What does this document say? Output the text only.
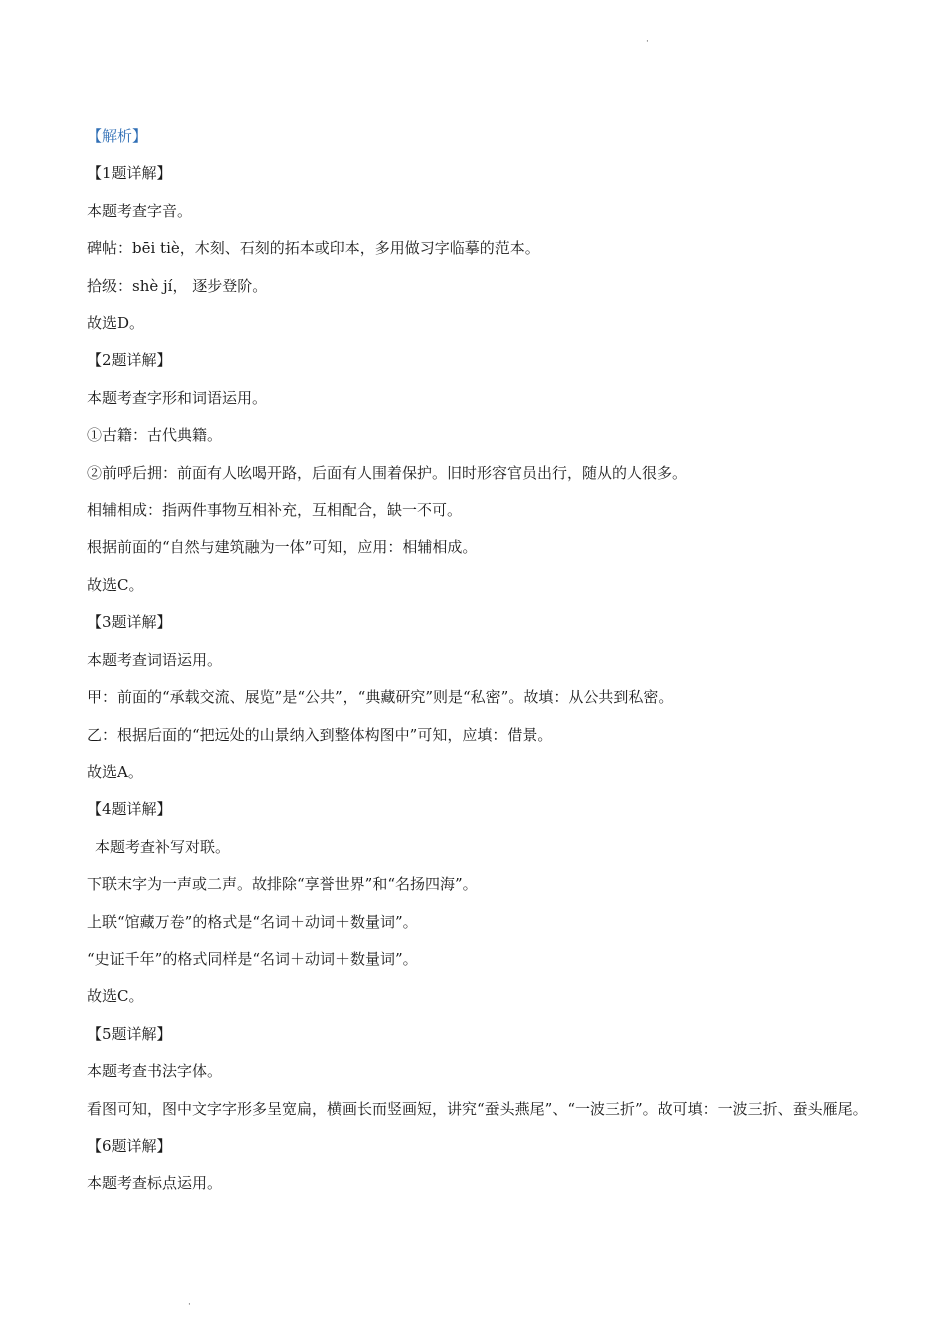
·
【解析】
【1题详解】
本题考查字音。
碑帖：bēi tiè，木刻、石刻的拓本或印本，多用做习字临摹的范本。
拾级：shè jí， 逐步登阶。
故选D。
【2题详解】
本题考查字形和词语运用。
①古籍：古代典籍。
②前呼后拥：前面有人吆喝开路，后面有人围着保护。旧时形容官员出行，随从的人很多。
相辅相成：指两件事物互相补充，互相配合，缺一不可。
根据前面的“自然与建筑融为一体”可知，应用：相辅相成。
故选C。
【3题详解】
本题考查词语运用。
甲：前面的“承载交流、展览”是“公共”，“典藏研究”则是“私密”。故填：从公共到私密。
乙：根据后面的“把远处的山景纳入到整体构图中”可知，应填：借景。
故选A。
【4题详解】
本题考查补写对联。
下联末字为一声或二声。故排除“享誉世界”和“名扬四海”。
上联“馆藏万卷”的格式是“名词＋动词＋数量词”。
“史证千年”的格式同样是“名词＋动词＋数量词”。
故选C。
【5题详解】
本题考查书法字体。
看图可知，图中文字字形多呈宽扁，横画长而竖画短，讲究“蚕头燕尾”、“一波三折”。故可填：一波三折、蚕头雁尾。
【6题详解】
本题考查标点运用。
·
